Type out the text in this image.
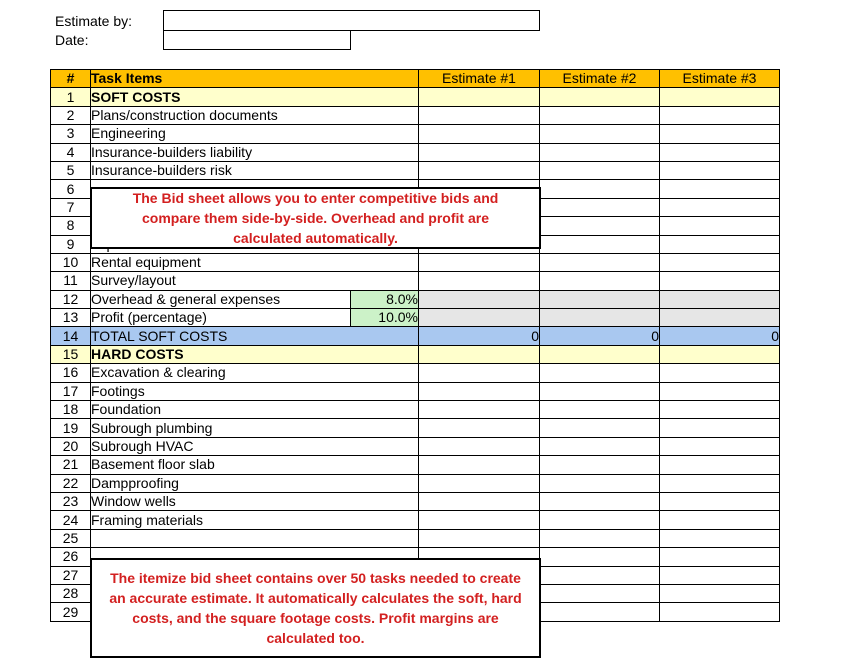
Estimate by:
Date:
#	Task Items		Estimate #1	Estimate #2	Estimate #3
1	SOFT COSTS				
2	Plans/construction documents				
3	Engineering				
4	Insurance-builders liability				
5	Insurance-builders risk				
6					
7					
8					
9				
10	Rental equipment				
11	Survey/layout				
12	Overhead & general expenses	8.0%			
13	Profit (percentage)	10.0%			
14	TOTAL SOFT COSTS		0	0	0
15	HARD COSTS				
16	Excavation & clearing				
17	Footings				
18	Foundation				
19	Subrough plumbing				
20	Subrough HVAC				
21	Basement floor slab				
22	Dampproofing				
23	Window wells				
24	Framing materials				
25					
26					
27					
28					
29					
The Bid sheet allows you to enter competitive bids and compare them side-by-side. Overhead and profit are calculated automatically.
The itemize bid sheet contains over 50 tasks needed to create an accurate estimate. It automatically calculates the soft, hard costs, and the square footage costs. Profit margins are calculated too.
